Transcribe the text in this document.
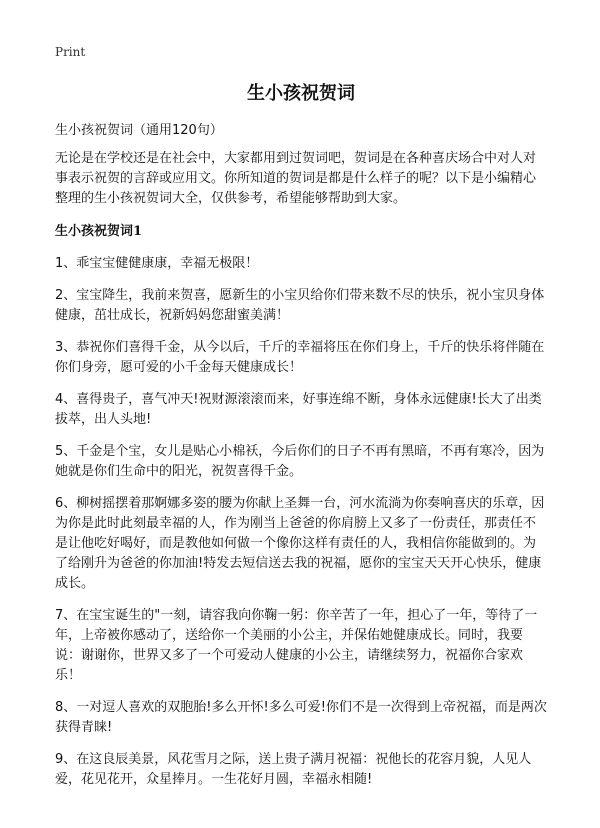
Print

生小孩祝贺词

生小孩祝贺词（通用120句）

无论是在学校还是在社会中，大家都用到过贺词吧，贺词是在各种喜庆场合中对人对事表示祝贺的言辞或应用文。你所知道的贺词是都是什么样子的呢？以下是小编精心整理的生小孩祝贺词大全，仅供参考，希望能够帮助到大家。

生小孩祝贺词1
1、乖宝宝健健康康，幸福无极限！
2、宝宝降生，我前来贺喜，愿新生的小宝贝给你们带来数不尽的快乐，祝小宝贝身体健康，茁壮成长，祝新妈妈您甜蜜美满！
3、恭祝你们喜得千金，从今以后，千斤的幸福将压在你们身上，千斤的快乐将伴随在你们身旁，愿可爱的小千金每天健康成长！
4、喜得贵子，喜气冲天!祝财源滚滚而来，好事连绵不断，身体永远健康!长大了出类拔萃，出人头地!
5、千金是个宝，女儿是贴心小棉袄，今后你们的日子不再有黑暗，不再有寒冷，因为她就是你们生命中的阳光，祝贺喜得千金。
6、柳树摇摆着那婀娜多姿的腰为你献上圣舞一台，河水流淌为你奏响喜庆的乐章，因为你是此时此刻最幸福的人，作为刚当上爸爸的你肩膀上又多了一份责任，那责任不是让他吃好喝好，而是教他如何做一个像你这样有责任的人，我相信你能做到的。为了给刚升为爸爸的你加油!特发去短信送去我的祝福，愿你的宝宝天天开心快乐，健康成长。
7、在宝宝诞生的"一刻，请容我向你鞠一躬：你辛苦了一年，担心了一年，等待了一年，上帝被你感动了，送给你一个美丽的小公主，并保佑她健康成长。同时，我要说：谢谢你，世界又多了一个可爱动人健康的小公主，请继续努力，祝福你合家欢乐！
8、一对逗人喜欢的双胞胎!多么开怀!多么可爱!你们不是一次得到上帝祝福，而是两次获得青睐!
9、在这良辰美景，风花雪月之际，送上贵子满月祝福：祝他长的花容月貌，人见人爱，花见花开，众星捧月。一生花好月圆，幸福永相随!
